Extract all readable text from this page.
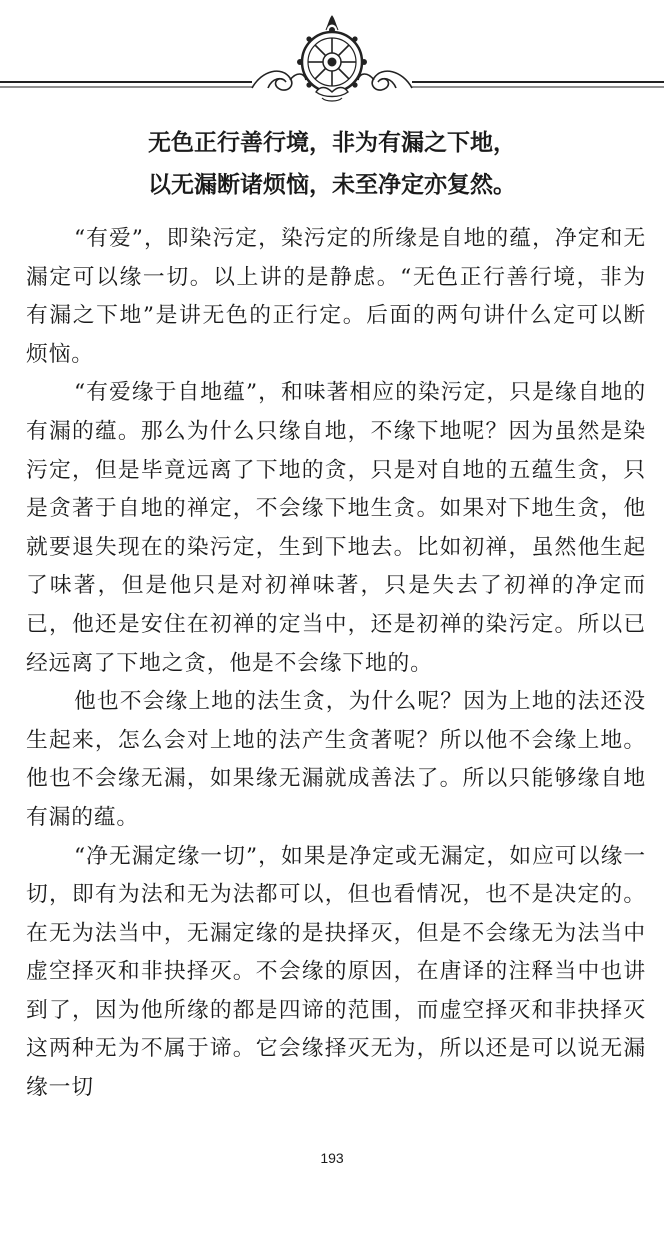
无色正行善行境，非为有漏之下地，
以无漏断诸烦恼，未至净定亦复然。

“有爱”，即染污定，染污定的所缘是自地的蕴，净定和无漏定可以缘一切。以上讲的是静虑。“无色正行善行境，非为有漏之下地”是讲无色的正行定。后面的两句讲什么定可以断烦恼。

“有爱缘于自地蕴”，和味著相应的染污定，只是缘自地的有漏的蕴。那么为什么只缘自地，不缘下地呢？因为虽然是染污定，但是毕竟远离了下地的贪，只是对自地的五蕴生贪，只是贪著于自地的禅定，不会缘下地生贪。如果对下地生贪，他就要退失现在的染污定，生到下地去。比如初禅，虽然他生起了味著，但是他只是对初禅味著，只是失去了初禅的净定而已，他还是安住在初禅的定当中，还是初禅的染污定。所以已经远离了下地之贪，他是不会缘下地的。

他也不会缘上地的法生贪，为什么呢？因为上地的法还没生起来，怎么会对上地的法产生贪著呢？所以他不会缘上地。他也不会缘无漏，如果缘无漏就成善法了。所以只能够缘自地有漏的蕴。

“净无漏定缘一切”，如果是净定或无漏定，如应可以缘一切，即有为法和无为法都可以，但也看情况，也不是决定的。在无为法当中，无漏定缘的是抉择灭，但是不会缘无为法当中虚空择灭和非抉择灭。不会缘的原因，在唐译的注释当中也讲到了，因为他所缘的都是四谛的范围，而虚空择灭和非抉择灭这两种无为不属于谛。它会缘择灭无为，所以还是可以说无漏缘一切

193
